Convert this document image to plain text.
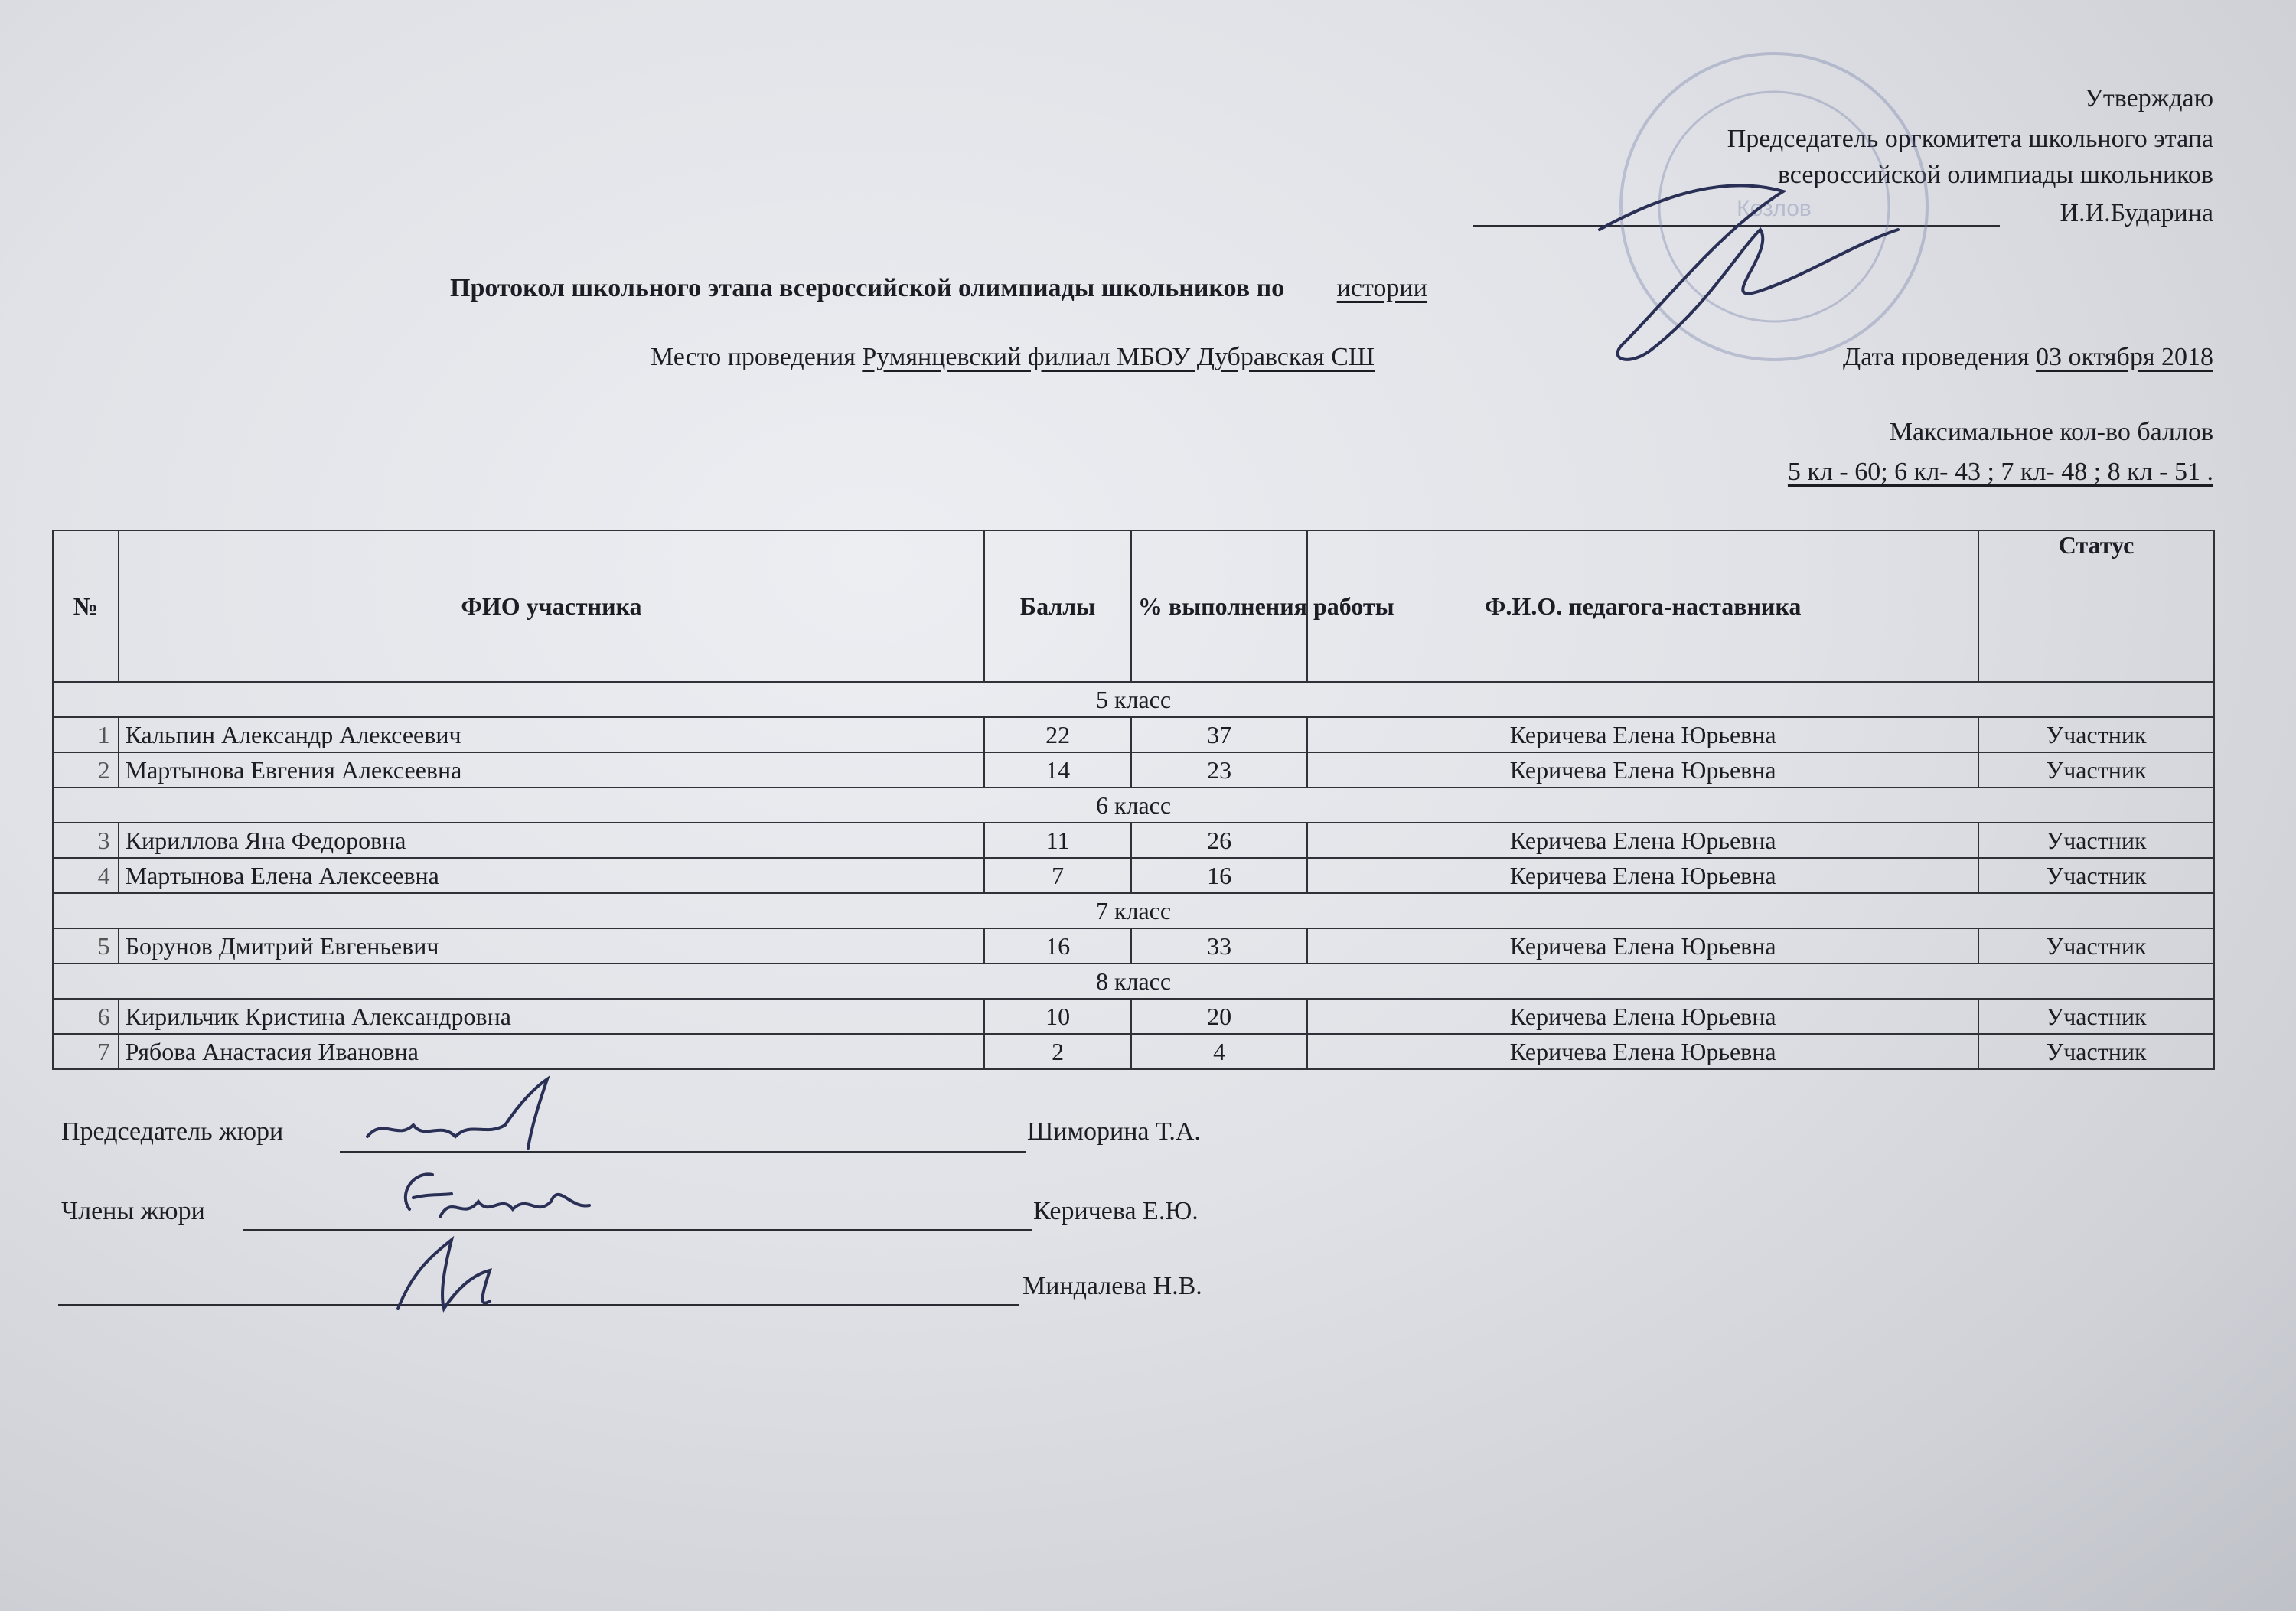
Утверждаю
Председатель оргкомитета школьного этапа
всероссийской олимпиады школьников
И.И.Бударина
Протокол школьного этапа всероссийской олимпиады школьников по истории
Место проведения Румянцевский филиал МБОУ Дубравская СШ	Дата проведения 03 октября 2018
Максимальное кол-во баллов
5 кл - 60; 6 кл- 43 ; 7 кл- 48 ; 8 кл - 51 .
№	ФИО участника	Баллы	% выполнения работы	Ф.И.О. педагога-наставника	Статус
5 класс					
1	Кальпин Александр Алексеевич	22	37	Керичева Елена Юрьевна	Участник
2	Мартынова Евгения Алексеевна	14	23	Керичева Елена Юрьевна	Участник
6 класс					
3	Кириллова Яна Федоровна	11	26	Керичева Елена Юрьевна	Участник
4	Мартынова Елена Алексеевна	7	16	Керичева Елена Юрьевна	Участник
7 класс					
5	Борунов Дмитрий Евгеньевич	16	33	Керичева Елена Юрьевна	Участник
8 класс					
6	Кирильчик Кристина Александровна	10	20	Керичева Елена Юрьевна	Участник
7	Рябова Анастасия Ивановна	2	4	Керичева Елена Юрьевна	Участник
Председатель жюри	Шиморина Т.А.
Члены жюри	Керичева Е.Ю.
Миндалева Н.В.
Козлов
